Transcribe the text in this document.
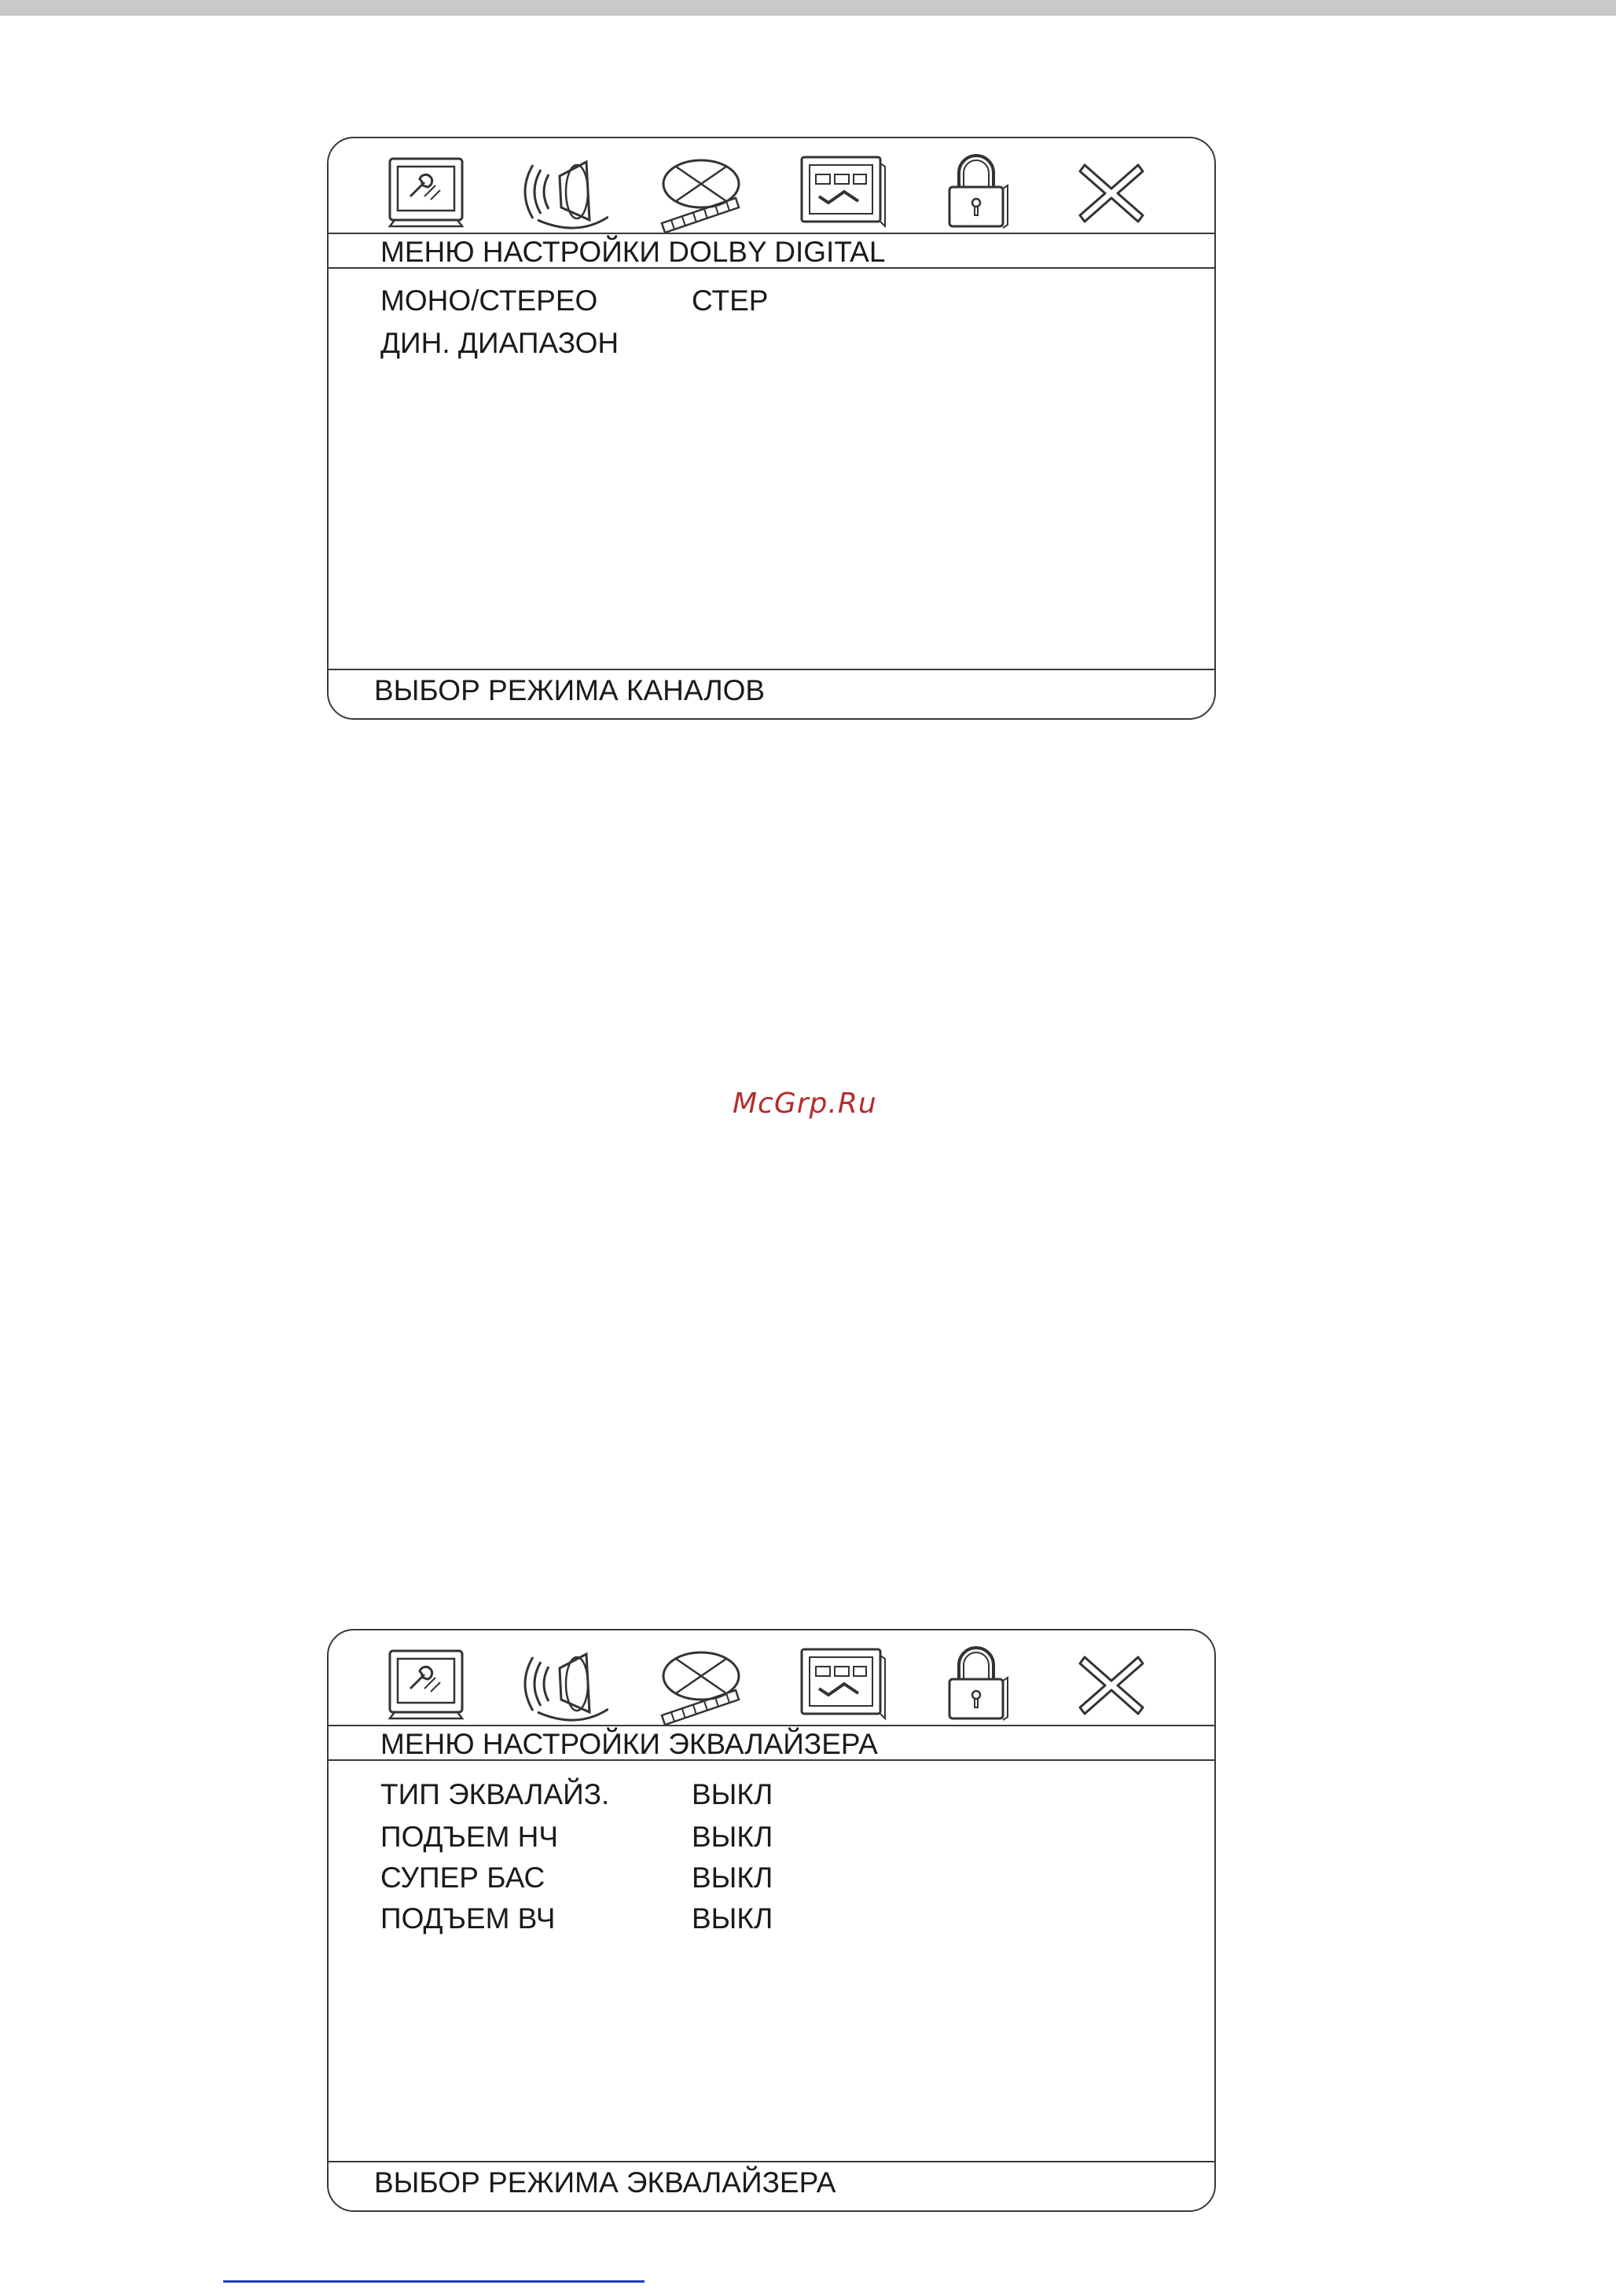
МЕНЮ НАСТРОЙКИ DOLBY DIGITAL
МОНО/СТЕРЕО	СТЕР
ДИН. ДИАПАЗОН
ВЫБОР РЕЖИМА КАНАЛОВ
McGrp.Ru
МЕНЮ НАСТРОЙКИ ЭКВАЛАЙЗЕРА
ТИП ЭКВАЛАЙЗ.	ВЫКЛ
ПОДЪЕМ НЧ	ВЫКЛ
СУПЕР БАС	ВЫКЛ
ПОДЪЕМ ВЧ	ВЫКЛ
ВЫБОР РЕЖИМА ЭКВАЛАЙЗЕРА
